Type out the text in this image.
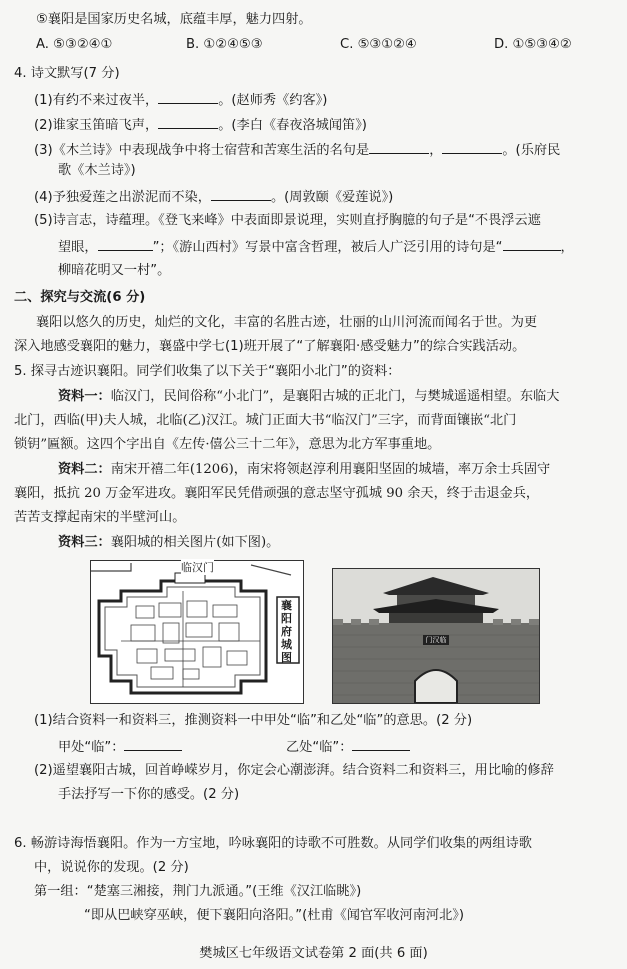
⑤襄阳是国家历史名城，底蕴丰厚，魅力四射。
A. ⑤③②④①	B. ①②④⑤③	C. ⑤③①②④	D. ①⑤③④②
4. 诗文默写(7 分)
(1)有约不来过夜半，	。(赵师秀《约客》)
(2)谁家玉笛暗飞声，	。(李白《春夜洛城闻笛》)
(3)《木兰诗》中表现战争中将士宿营和苦寒生活的名句是	，	。(乐府民
歌《木兰诗》)
(4)予独爱莲之出淤泥而不染，	。(周敦颐《爱莲说》)
(5)诗言志，诗蕴理。《登飞来峰》中表面即景说理，实则直抒胸臆的句子是“不畏浮云遮
望眼，	”；《游山西村》写景中富含哲理，被后人广泛引用的诗句是“	，
柳暗花明又一村”。
二、探究与交流(6 分)
襄阳以悠久的历史，灿烂的文化，丰富的名胜古迹，壮丽的山川河流而闻名于世。为更
深入地感受襄阳的魅力，襄盛中学七(1)班开展了“了解襄阳·感受魅力”的综合实践活动。
5. 探寻古迹识襄阳。同学们收集了以下关于“襄阳小北门”的资料：
资料一：临汉门，民间俗称“小北门”，是襄阳古城的正北门，与樊城遥遥相望。东临大
北门，西临(甲)夫人城，北临(乙)汉江。城门正面大书“临汉门”三字，而背面镶嵌“北门
锁钥”匾额。这四个字出自《左传·僖公三十二年》，意思为北方军事重地。
资料二：南宋开禧二年(1206)，南宋将领赵淳利用襄阳坚固的城墙，率万余士兵固守
襄阳，抵抗 20 万金军进攻。襄阳军民凭借顽强的意志坚守孤城 90 余天，终于击退金兵，
苦苦支撑起南宋的半壁河山。
资料三：襄阳城的相关图片(如下图)。
临汉门
襄阳府城图
门汉临
(1)结合资料一和资料三，推测资料一中甲处“临”和乙处“临”的意思。(2 分)
甲处“临”：	乙处“临”：
(2)遥望襄阳古城，回首峥嵘岁月，你定会心潮澎湃。结合资料二和资料三，用比喻的修辞
手法抒写一下你的感受。(2 分)
6. 畅游诗海悟襄阳。作为一方宝地，吟咏襄阳的诗歌不可胜数。从同学们收集的两组诗歌
中，说说你的发现。(2 分)
第一组：“楚塞三湘接，荆门九派通。”(王维《汉江临眺》)
“即从巴峡穿巫峡，便下襄阳向洛阳。”(杜甫《闻官军收河南河北》)
樊城区七年级语文试卷第 2 面(共 6 面)
